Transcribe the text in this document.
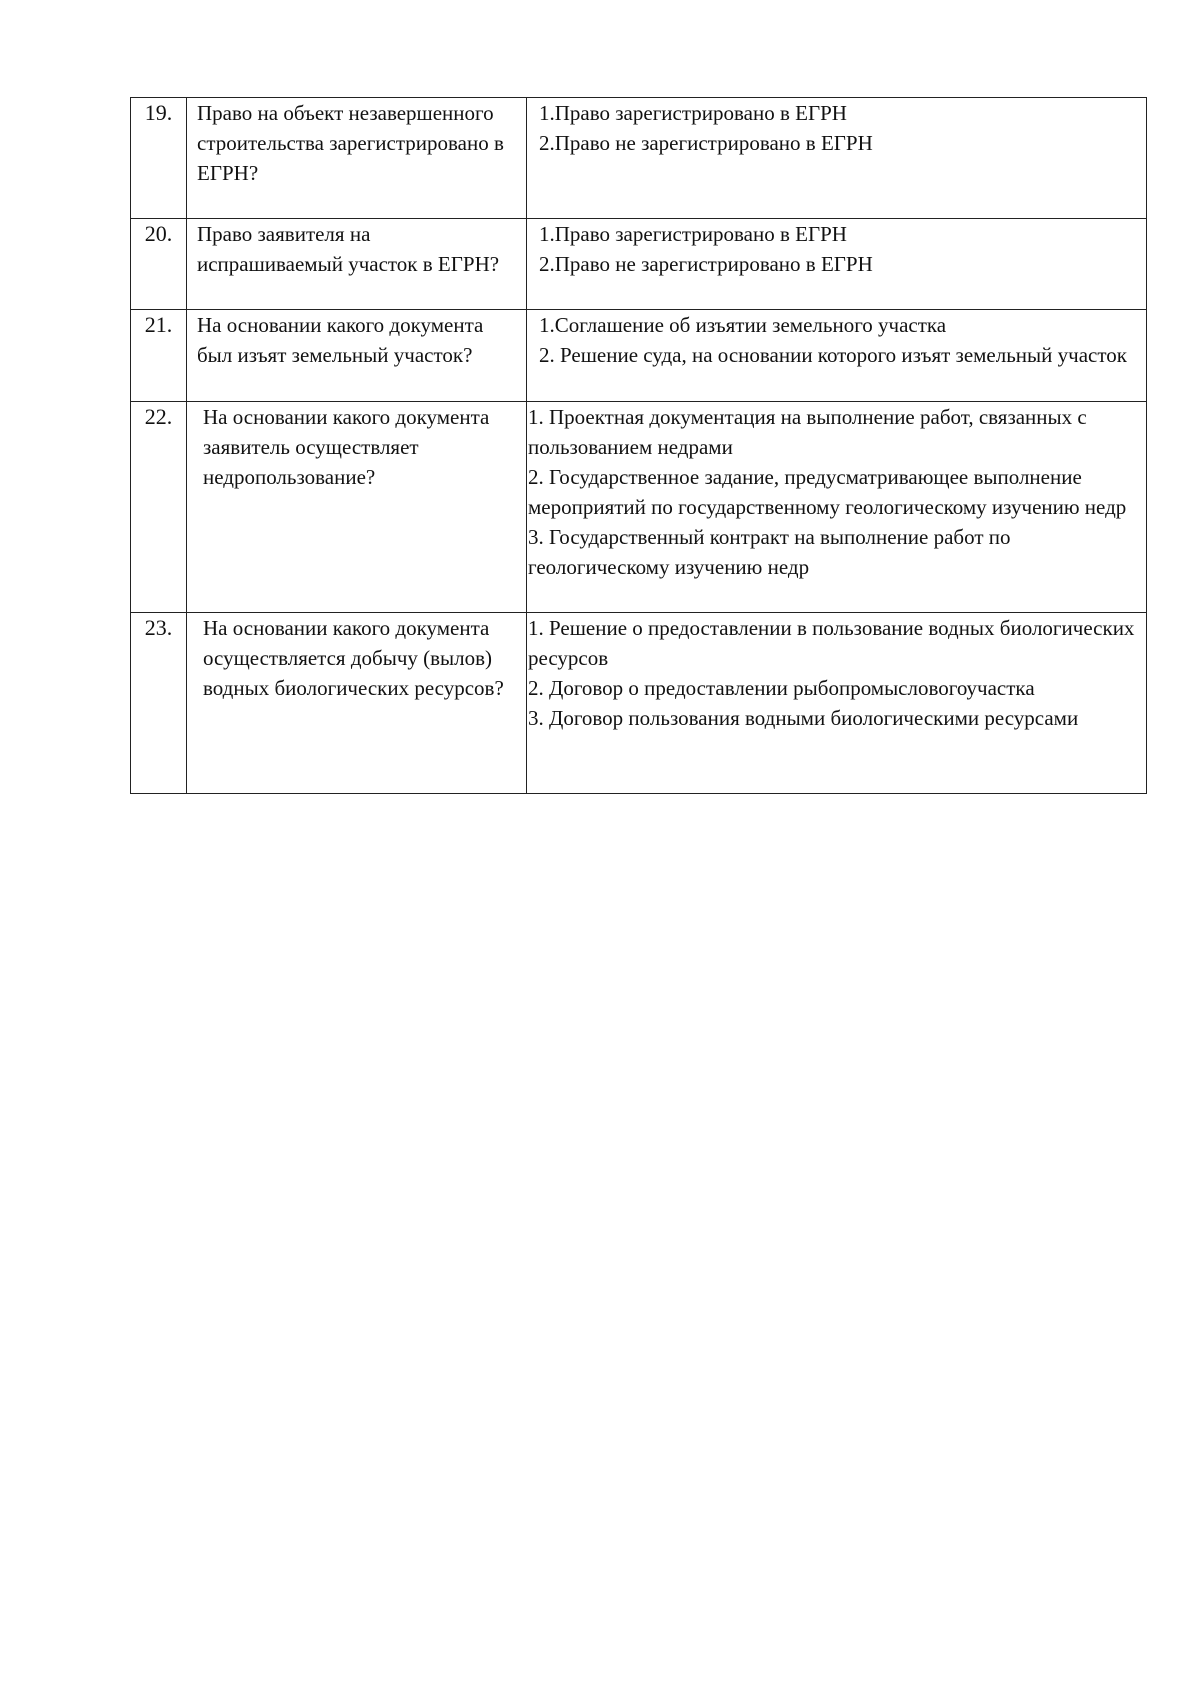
19.	Право на объект незавершенного строительства зарегистрировано в ЕГРН?	1.Право зарегистрировано в ЕГРН
2.Право не зарегистрировано в ЕГРН

20.	Право заявителя на испрашиваемый участок в ЕГРН?	1.Право зарегистрировано в ЕГРН
2.Право не зарегистрировано в ЕГРН

21.	На основании какого документа был изъят земельный участок?	1.Соглашение об изъятии земельного участка
2. Решение суда, на основании которого изъят земельный участок

22.	На основании какого документа заявитель осуществляет недропользование?	1. Проектная документация на выполнение работ, связанных с пользованием недрами
2. Государственное задание, предусматривающее выполнение мероприятий по государственному геологическому изучению недр
3. Государственный контракт на выполнение работ по геологическому изучению недр

23.	На основании какого документа осуществляется добычу (вылов) водных биологических ресурсов?	1. Решение о предоставлении в пользование водных биологических ресурсов
2. Договор о предоставлении рыбопромысловогоучастка
3. Договор пользования водными биологическими ресурсами
